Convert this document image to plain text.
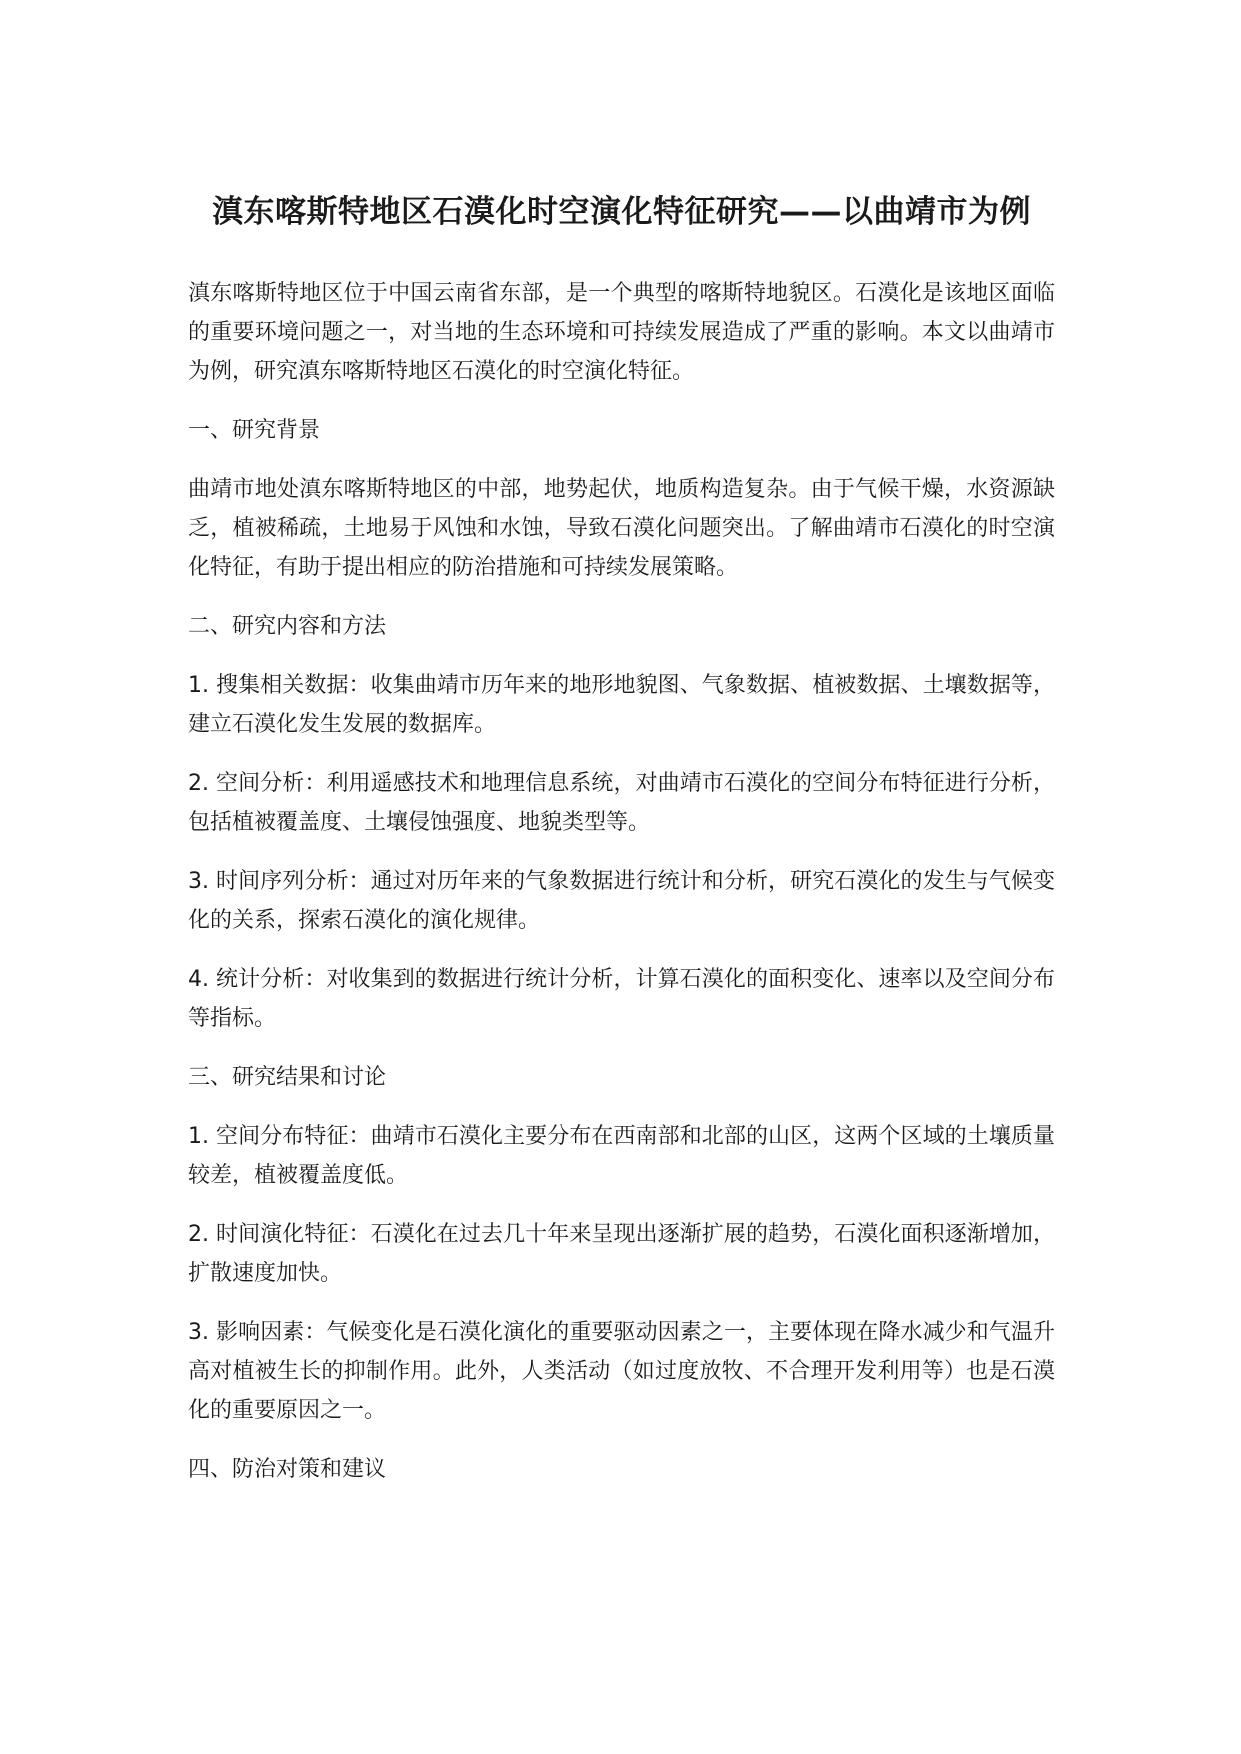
滇东喀斯特地区石漠化时空演化特征研究——以曲靖市为例

滇东喀斯特地区位于中国云南省东部，是一个典型的喀斯特地貌区。石漠化是该地区面临的重要环境问题之一，对当地的生态环境和可持续发展造成了严重的影响。本文以曲靖市为例，研究滇东喀斯特地区石漠化的时空演化特征。

一、研究背景

曲靖市地处滇东喀斯特地区的中部，地势起伏，地质构造复杂。由于气候干燥，水资源缺乏，植被稀疏，土地易于风蚀和水蚀，导致石漠化问题突出。了解曲靖市石漠化的时空演化特征，有助于提出相应的防治措施和可持续发展策略。

二、研究内容和方法

1. 搜集相关数据：收集曲靖市历年来的地形地貌图、气象数据、植被数据、土壤数据等，建立石漠化发生发展的数据库。

2. 空间分析：利用遥感技术和地理信息系统，对曲靖市石漠化的空间分布特征进行分析，包括植被覆盖度、土壤侵蚀强度、地貌类型等。

3. 时间序列分析：通过对历年来的气象数据进行统计和分析，研究石漠化的发生与气候变化的关系，探索石漠化的演化规律。

4. 统计分析：对收集到的数据进行统计分析，计算石漠化的面积变化、速率以及空间分布等指标。

三、研究结果和讨论

1. 空间分布特征：曲靖市石漠化主要分布在西南部和北部的山区，这两个区域的土壤质量较差，植被覆盖度低。

2. 时间演化特征：石漠化在过去几十年来呈现出逐渐扩展的趋势，石漠化面积逐渐增加，扩散速度加快。

3. 影响因素：气候变化是石漠化演化的重要驱动因素之一，主要体现在降水减少和气温升高对植被生长的抑制作用。此外，人类活动（如过度放牧、不合理开发利用等）也是石漠化的重要原因之一。

四、防治对策和建议
